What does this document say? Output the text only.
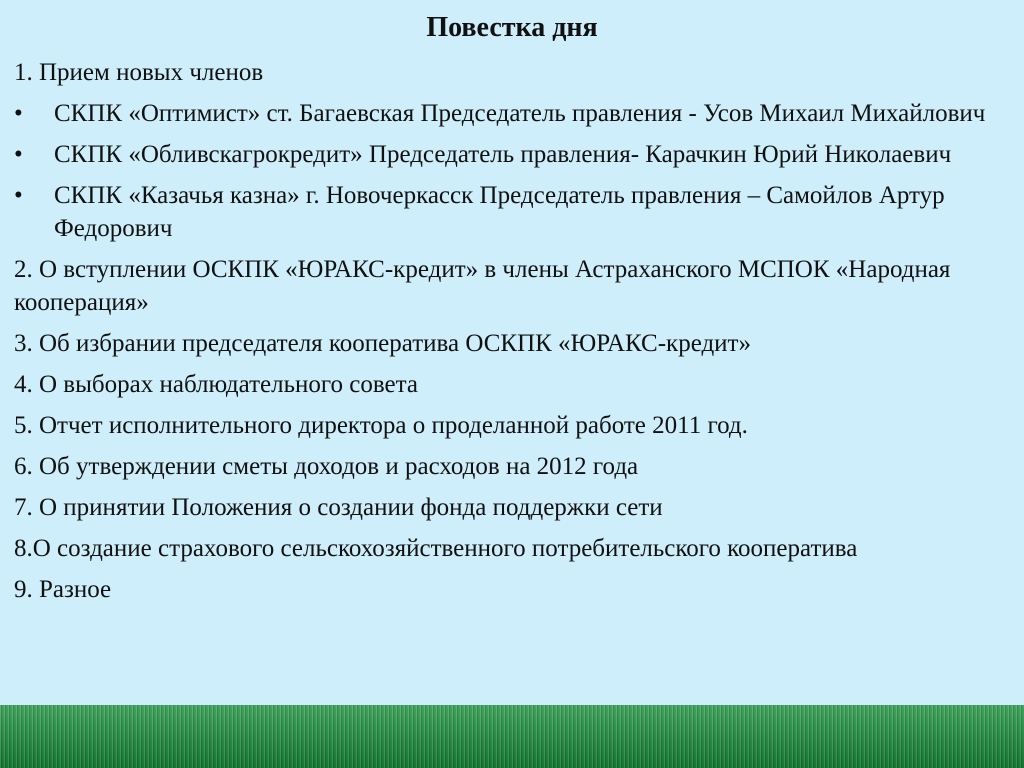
Повестка дня

1. Прием новых членов

•	СКПК «Оптимист» ст. Багаевская Председатель правления - Усов Михаил Михайлович
•	СКПК «Обливскагрокредит» Председатель правления- Карачкин Юрий Николаевич
•	СКПК «Казачья казна» г. Новочеркасск Председатель правления – Самойлов Артур Федорович

2. О вступлении ОСКПК «ЮРАКС-кредит» в члены Астраханского МСПОК «Народная кооперация»

3. Об избрании председателя кооператива ОСКПК «ЮРАКС-кредит»

4. О выборах наблюдательного совета

5. Отчет исполнительного директора о проделанной работе 2011 год.

6. Об утверждении сметы доходов и расходов на 2012 года

7. О принятии Положения о создании фонда поддержки сети

8.О создание страхового сельскохозяйственного потребительского кооператива

9. Разное
